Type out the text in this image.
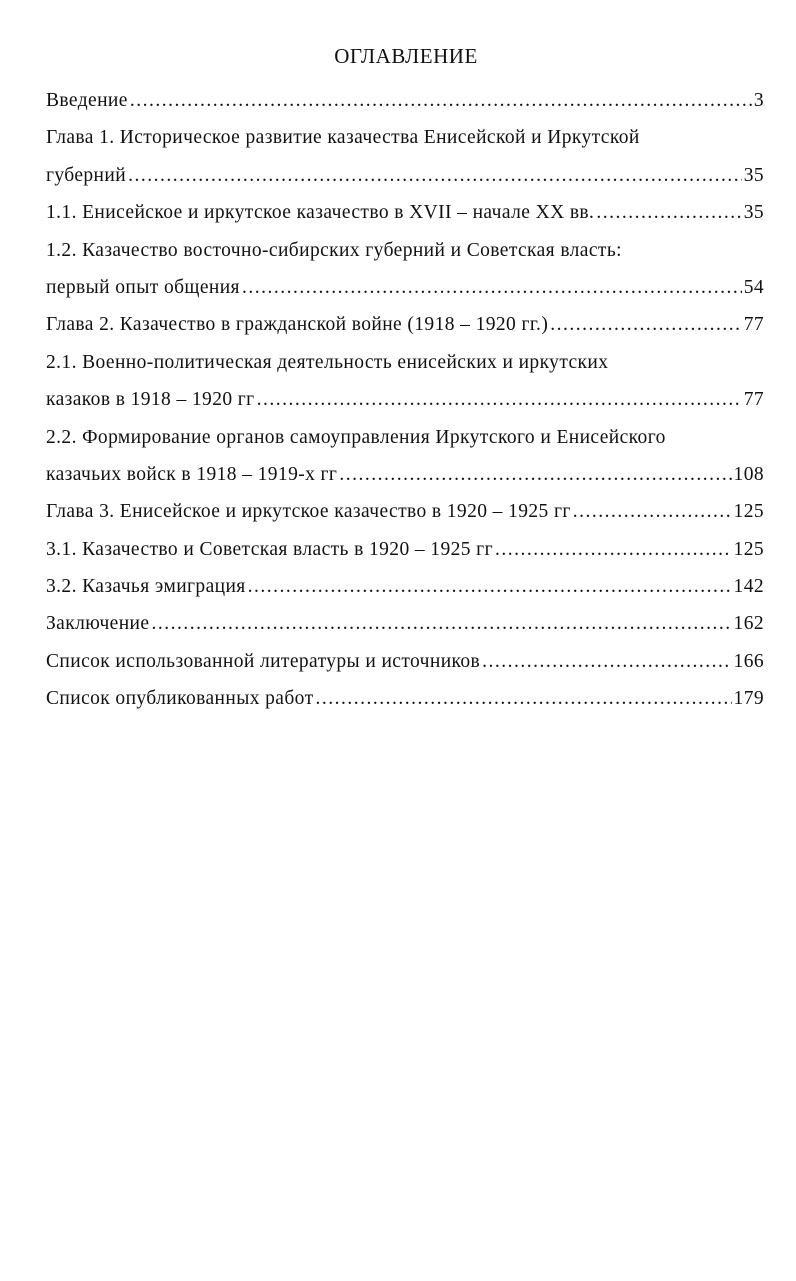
ОГЛАВЛЕНИЕ
Введение .....	3
Глава 1. Историческое развитие казачества Енисейской и Иркутской
губерний .....	35
1.1. Енисейское и иркутское казачество в XVII – начале XX вв. .....	35
1.2. Казачество восточно-сибирских губерний и Советская власть:
первый опыт общения .....	54
Глава 2. Казачество в гражданской войне (1918 – 1920 гг.) .....	77
2.1. Военно-политическая деятельность енисейских и иркутских
казаков в 1918 – 1920 гг .....	77
2.2. Формирование органов самоуправления Иркутского и Енисейского
казачьих войск в 1918 – 1919-х гг .....	108
Глава 3. Енисейское и иркутское казачество в 1920 – 1925 гг .....	125
3.1. Казачество и Советская власть в 1920 – 1925 гг .....	125
3.2. Казачья эмиграция .....	142
Заключение .....	162
Список использованной литературы и источников .....	166
Список опубликованных работ .....	179
